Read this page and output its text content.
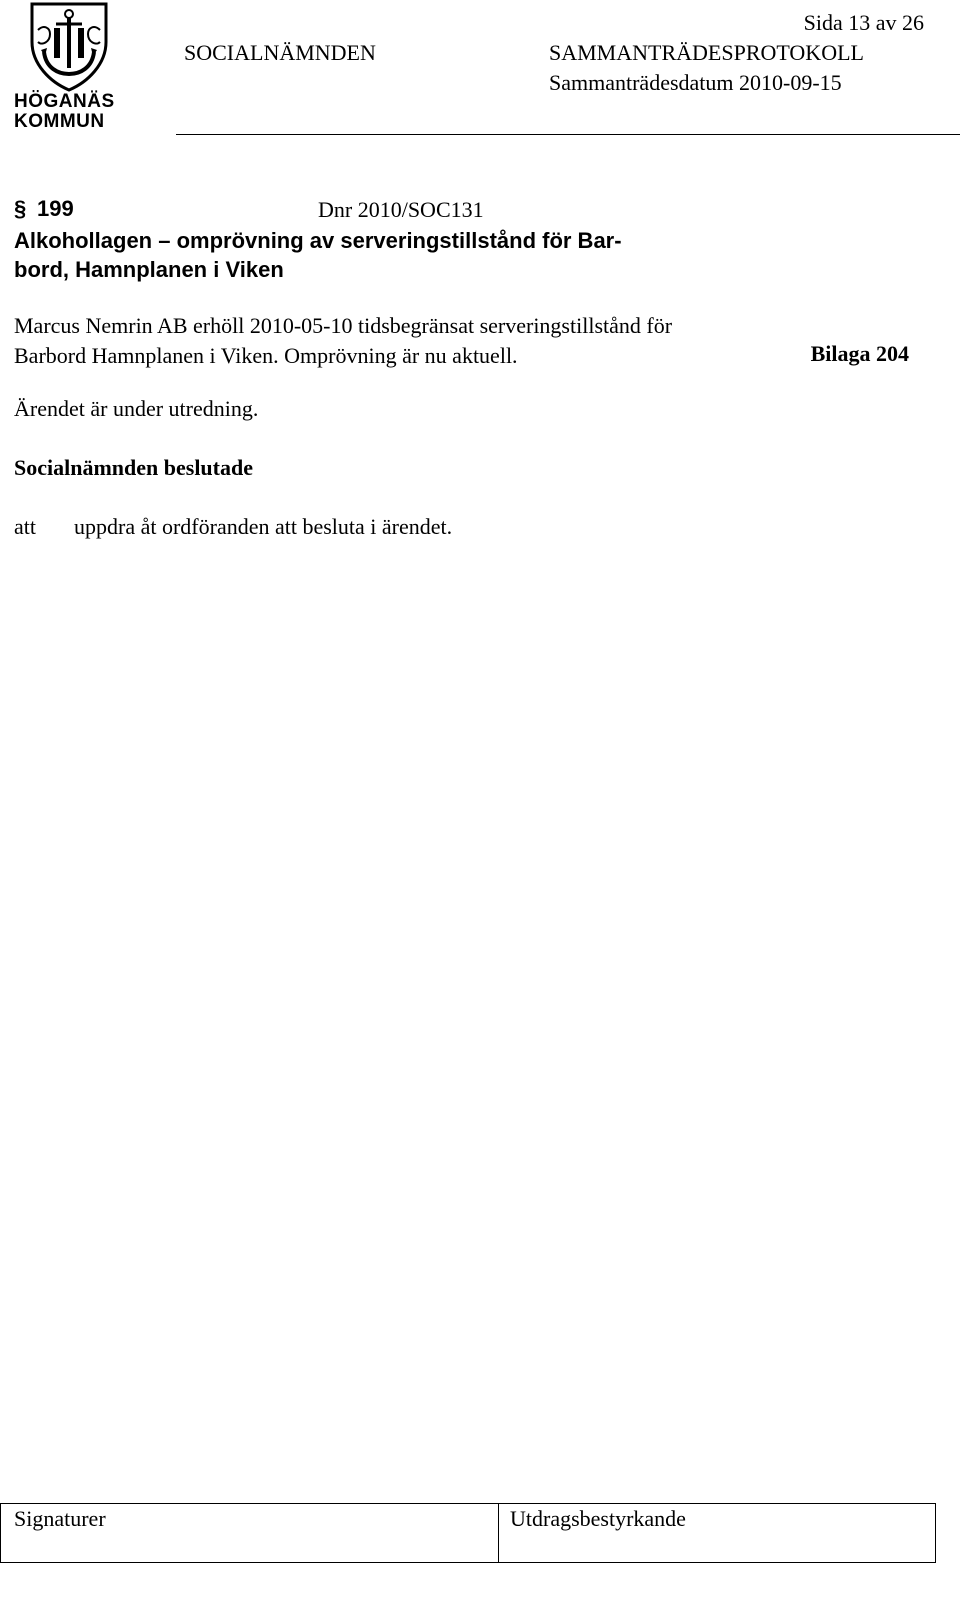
HÖGANÄS
KOMMUN
Sida 13 av 26
SOCIALNÄMNDEN	SAMMANTRÄDESPROTOKOLL
Sammanträdesdatum 2010-09-15
§ 199	Dnr 2010/SOC131
Alkohollagen – omprövning av serveringstillstånd för Bar-
bord, Hamnplanen i Viken
Marcus Nemrin AB erhöll 2010-05-10 tidsbegränsat serveringstillstånd för
Barbord Hamnplanen i Viken. Omprövning är nu aktuell.	Bilaga 204
Ärendet är under utredning.
Socialnämnden beslutade
att uppdra åt ordföranden att besluta i ärendet.
Signaturer	Utdragsbestyrkande
